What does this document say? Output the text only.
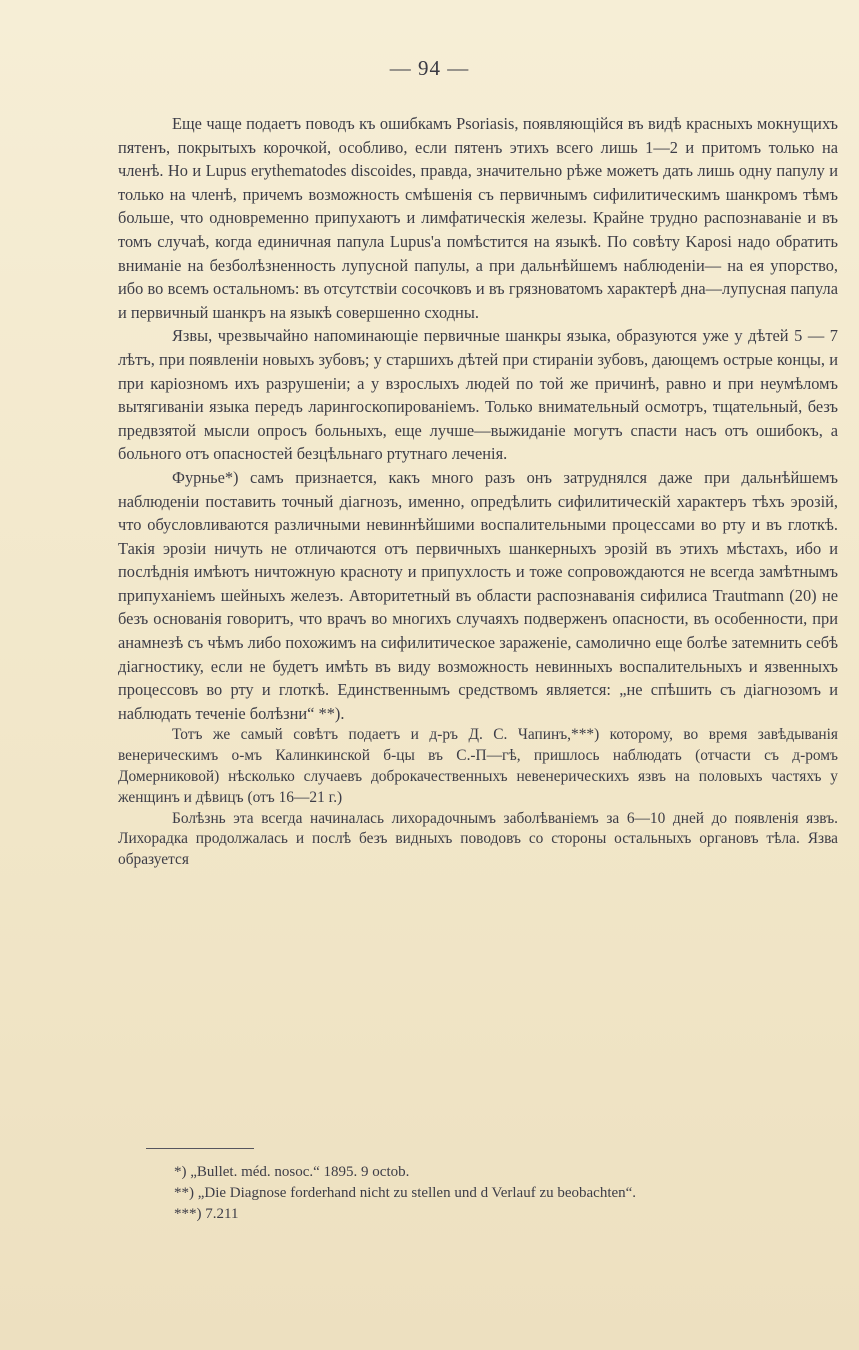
— 94 —

Еще чаще подаетъ поводъ къ ошибкамъ Psoriasis, появляющійся въ видѣ красныхъ мокнущихъ пятенъ, покрытыхъ корочкой, особливо, если пятенъ этихъ всего лишь 1—2 и притомъ только на членѣ. Но и Lupus erythematodes discoides, правда, значительно рѣже можетъ дать лишь одну папулу и только на членѣ, причемъ возможность смѣшенія съ первичнымъ сифилитическимъ шанкромъ тѣмъ больше, что одновременно припухаютъ и лимфатическія железы. Крайне трудно распознаваніе и въ томъ случаѣ, когда единичная папула Lupus'a помѣстится на языкѣ. По совѣту Kaposi надо обратить вниманіе на безболѣзненность лупусной папулы, а при дальнѣйшемъ наблюденіи— на ея упорство, ибо во всемъ остальномъ: въ отсутствіи сосочковъ и въ грязноватомъ характерѣ дна—лупусная папула и первичный шанкръ на языкѣ совершенно сходны.

Язвы, чрезвычайно напоминающіе первичные шанкры языка, образуются уже у дѣтей 5 — 7 лѣтъ, при появленіи новыхъ зубовъ; у старшихъ дѣтей при стираніи зубовъ, дающемъ острые концы, и при каріозномъ ихъ разрушеніи; а у взрослыхъ людей по той же причинѣ, равно и при неумѣломъ вытягиваніи языка передъ ларингоскопированіемъ. Только внимательный осмотръ, тщательный, безъ предвзятой мысли опросъ больныхъ, еще лучше—выжиданіе могутъ спасти насъ отъ ошибокъ, а больного отъ опасностей безцѣльнаго ртутнаго леченія.

Фурнье*) самъ признается, какъ много разъ онъ затруднялся даже при дальнѣйшемъ наблюденіи поставить точный діагнозъ, именно, опредѣлить сифилитическій характеръ тѣхъ эрозій, что обусловливаются различными невиннѣйшими воспалительными процессами во рту и въ глоткѣ. Такія эрозіи ничуть не отличаются отъ первичныхъ шанкерныхъ эрозій въ этихъ мѣстахъ, ибо и послѣднія имѣютъ ничтожную красноту и припухлость и тоже сопровождаются не всегда замѣтнымъ припуханіемъ шейныхъ железъ. Авторитетный въ области распознаванія сифилиса Trautmann (20) не безъ основанія говоритъ, что врачъ во многихъ случаяхъ подверженъ опасности, въ особенности, при анамнезѣ съ чѣмъ либо похожимъ на сифилитическое зараженіе, самолично еще болѣе затемнить себѣ діагностику, если не будетъ имѣть въ виду возможность невинныхъ воспалительныхъ и язвенныхъ процессовъ во рту и глоткѣ. Единственнымъ средствомъ является: „не спѣшить съ діагнозомъ и наблюдать теченіе болѣзни“ **).

Тотъ же самый совѣтъ подаетъ и д-ръ Д. С. Чапинъ,***) которому, во время завѣдыванія венерическимъ о-мъ Калинкинской б-цы въ С.-П—гѣ, пришлось наблюдать (отчасти съ д-ромъ Домерниковой) нѣсколько случаевъ доброкачественныхъ невенерическихъ язвъ на половыхъ частяхъ у женщинъ и дѣвицъ (отъ 16—21 г.)

Болѣзнь эта всегда начиналась лихорадочнымъ заболѣваніемъ за 6—10 дней до появленія язвъ. Лихорадка продолжалась и послѣ безъ видныхъ поводовъ со стороны остальныхъ органовъ тѣла. Язва образуется

*) „Bullet. méd. nosoc.“ 1895. 9 octob.

**) „Die Diagnose forderhand nicht zu stellen und d Verlauf zu beobachten“.

***) 7.211
